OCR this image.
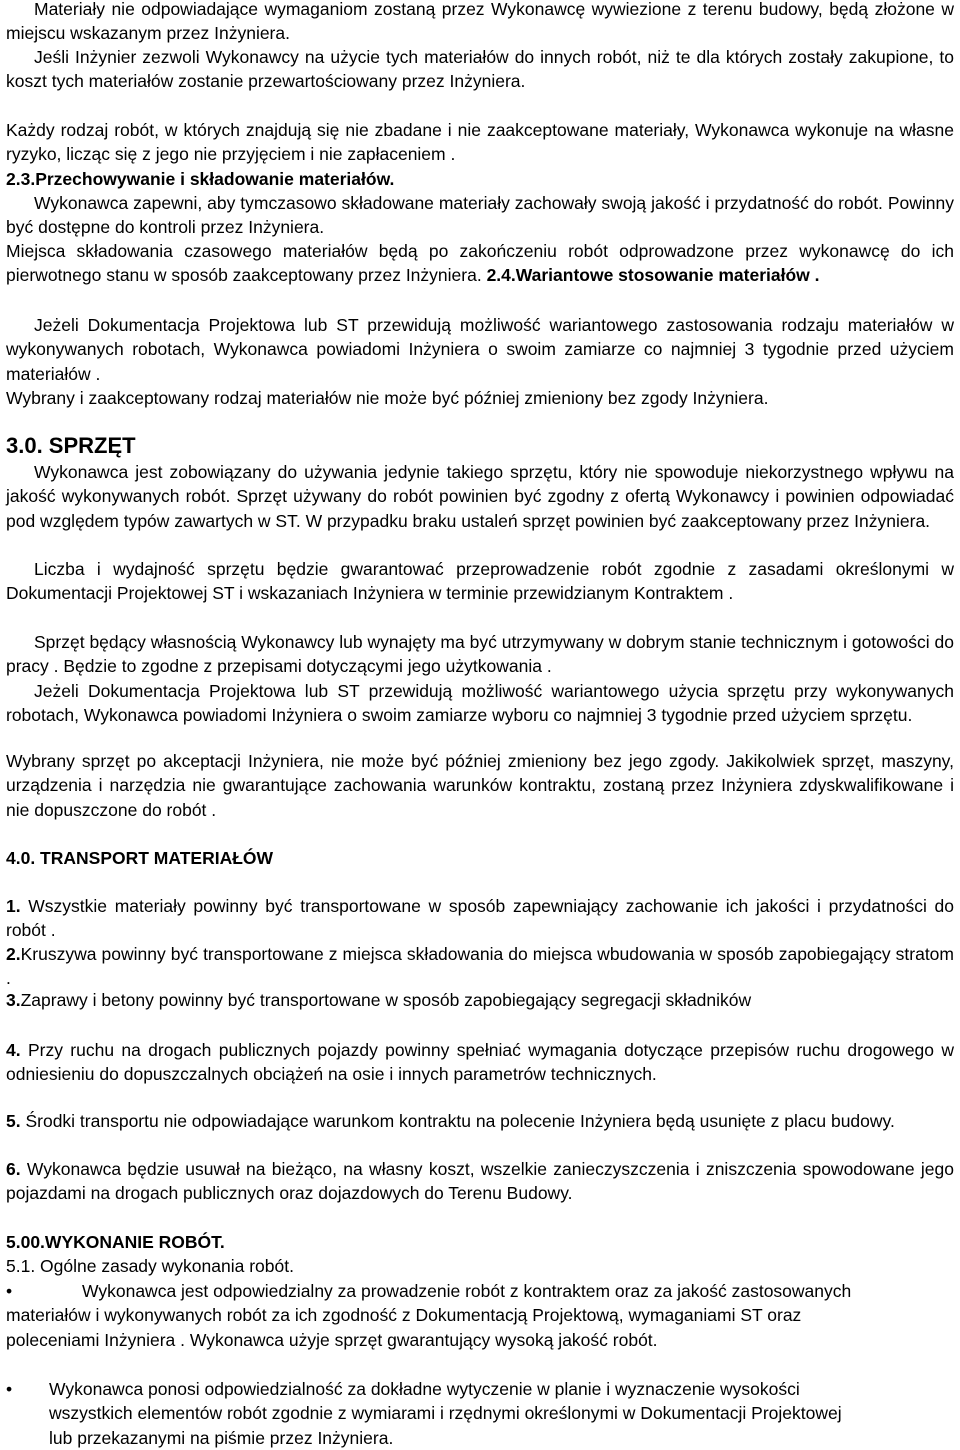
Materiały nie odpowiadające wymaganiom zostaną przez Wykonawcę wywiezione z terenu budowy, będą złożone w miejscu wskazanym przez Inżyniera.

Jeśli Inżynier zezwoli Wykonawcy na użycie tych materiałów do innych robót, niż te dla których zostały zakupione, to koszt tych materiałów zostanie przewartościowany przez Inżyniera.

Każdy rodzaj robót, w których znajdują się nie zbadane i nie zaakceptowane materiały, Wykonawca wykonuje na własne ryzyko, licząc się z jego nie przyjęciem i nie zapłaceniem .

2.3.Przechowywanie i składowanie materiałów.

Wykonawca zapewni, aby tymczasowo składowane materiały zachowały swoją jakość i przydatność do robót. Powinny być dostępne do kontroli przez Inżyniera.

Miejsca składowania czasowego materiałów będą po zakończeniu robót odprowadzone przez wykonawcę do ich pierwotnego stanu w sposób zaakceptowany przez Inżyniera. 2.4.Wariantowe stosowanie materiałów .

Jeżeli Dokumentacja Projektowa lub ST przewidują możliwość wariantowego zastosowania rodzaju materiałów w wykonywanych robotach, Wykonawca powiadomi Inżyniera o swoim zamiarze co najmniej 3 tygodnie przed użyciem materiałów .

Wybrany i zaakceptowany rodzaj materiałów nie może być później zmieniony bez zgody Inżyniera.

3.0. SPRZĘT

Wykonawca jest zobowiązany do używania jedynie takiego sprzętu, który nie spowoduje niekorzystnego wpływu na jakość wykonywanych robót. Sprzęt używany do robót powinien być zgodny z ofertą Wykonawcy i powinien odpowiadać pod względem typów zawartych w ST. W przypadku braku ustaleń sprzęt powinien być zaakceptowany przez Inżyniera.

Liczba i wydajność sprzętu będzie gwarantować przeprowadzenie robót zgodnie z zasadami określonymi w Dokumentacji Projektowej ST i wskazaniach Inżyniera w terminie przewidzianym Kontraktem .

Sprzęt będący własnością Wykonawcy lub wynajęty ma być utrzymywany w dobrym stanie technicznym i gotowości do pracy . Będzie to zgodne z przepisami dotyczącymi jego użytkowania .

Jeżeli Dokumentacja Projektowa lub ST przewidują możliwość wariantowego użycia sprzętu przy wykonywanych robotach, Wykonawca powiadomi Inżyniera o swoim zamiarze wyboru co najmniej 3 tygodnie przed użyciem sprzętu.

Wybrany sprzęt po akceptacji Inżyniera, nie może być później zmieniony bez jego zgody. Jakikolwiek sprzęt, maszyny, urządzenia i narzędzia nie gwarantujące zachowania warunków kontraktu, zostaną przez Inżyniera zdyskwalifikowane i nie dopuszczone do robót .

4.0. TRANSPORT MATERIAŁÓW

1. Wszystkie materiały powinny być transportowane w sposób zapewniający zachowanie ich jakości i przydatności do robót .

2.Kruszywa powinny być transportowane z miejsca składowania do miejsca wbudowania w sposób zapobiegający stratom .

3.Zaprawy i betony powinny być transportowane w sposób zapobiegający segregacji składników

4. Przy ruchu na drogach publicznych pojazdy powinny spełniać wymagania dotyczące przepisów ruchu drogowego w odniesieniu do dopuszczalnych obciążeń na osie i innych parametrów technicznych.

5. Środki transportu nie odpowiadające warunkom kontraktu na polecenie Inżyniera będą usunięte z placu budowy.

6. Wykonawca będzie usuwał na bieżąco, na własny koszt, wszelkie zanieczyszczenia i zniszczenia spowodowane jego pojazdami na drogach publicznych oraz dojazdowych do Terenu Budowy.

5.00.WYKONANIE ROBÓT.
5.1. Ogólne zasady wykonania robót.
•	Wykonawca jest odpowiedzialny za prowadzenie robót z kontraktem oraz za jakość zastosowanych materiałów i wykonywanych robót za ich zgodność z Dokumentacją Projektową, wymaganiami ST oraz poleceniami Inżyniera . Wykonawca użyje sprzęt gwarantujący wysoką jakość robót.
•	Wykonawca ponosi odpowiedzialność za dokładne wytyczenie w planie i wyznaczenie wysokości wszystkich elementów robót zgodnie z wymiarami i rzędnymi określonymi w Dokumentacji Projektowej lub przekazanymi na piśmie przez Inżyniera.
